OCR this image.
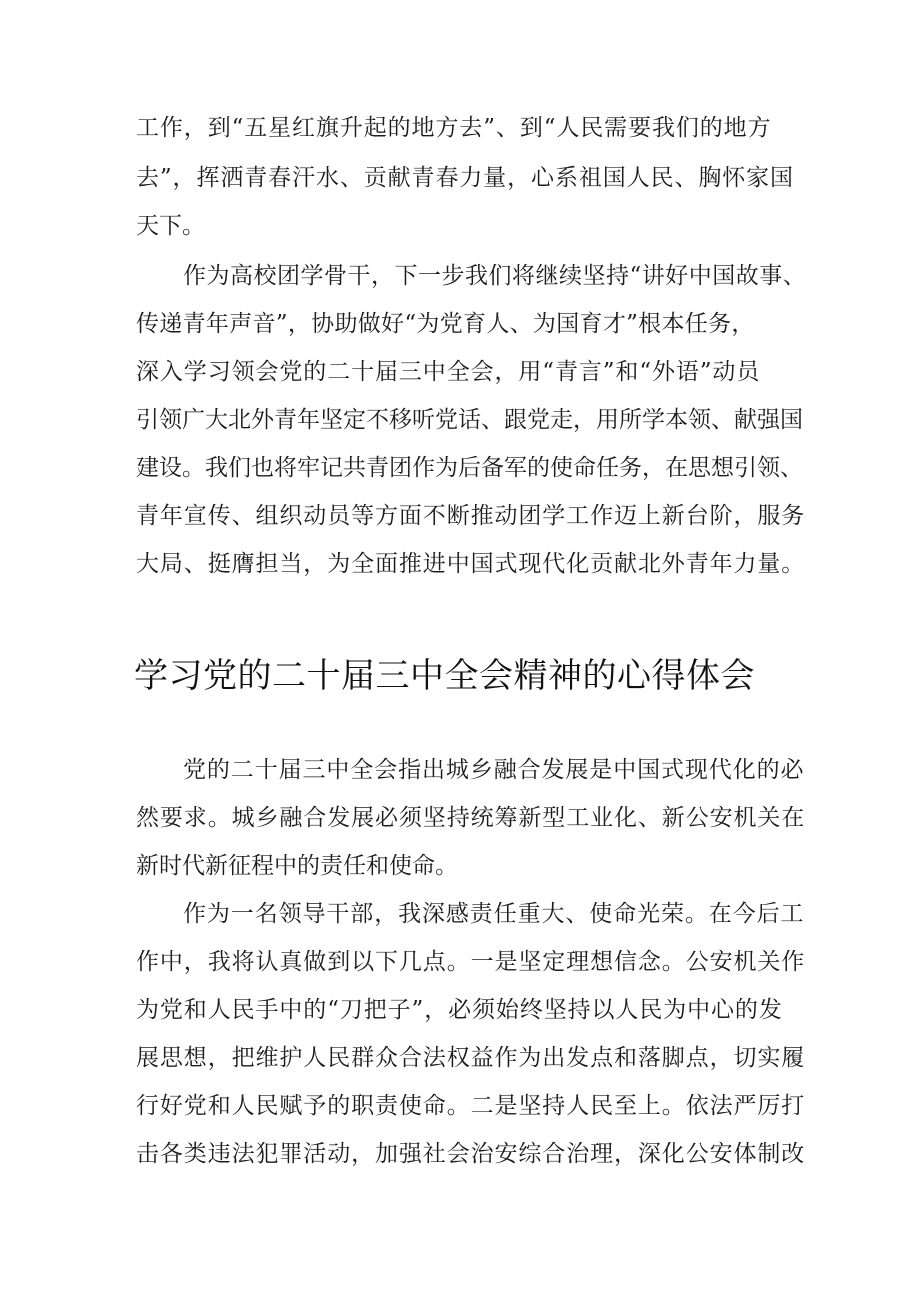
工作，到“五星红旗升起的地方去”、到“人民需要我们的地方
去”，挥洒青春汗水、贡献青春力量，心系祖国人民、胸怀家国
天下。
作为高校团学骨干，下一步我们将继续坚持“讲好中国故事、
传递青年声音”，协助做好“为党育人、为国育才”根本任务，
深入学习领会党的二十届三中全会，用“青言”和“外语”动员
引领广大北外青年坚定不移听党话、跟党走，用所学本领、献强国
建设。我们也将牢记共青团作为后备军的使命任务，在思想引领、
青年宣传、组织动员等方面不断推动团学工作迈上新台阶，服务
大局、挺膺担当，为全面推进中国式现代化贡献北外青年力量。
学习党的二十届三中全会精神的心得体会
党的二十届三中全会指出城乡融合发展是中国式现代化的必
然要求。城乡融合发展必须坚持统筹新型工业化、新公安机关在
新时代新征程中的责任和使命。
作为一名领导干部，我深感责任重大、使命光荣。在今后工
作中，我将认真做到以下几点。一是坚定理想信念。公安机关作
为党和人民手中的“刀把子”，必须始终坚持以人民为中心的发
展思想，把维护人民群众合法权益作为出发点和落脚点，切实履
行好党和人民赋予的职责使命。二是坚持人民至上。依法严厉打
击各类违法犯罪活动，加强社会治安综合治理，深化公安体制改
